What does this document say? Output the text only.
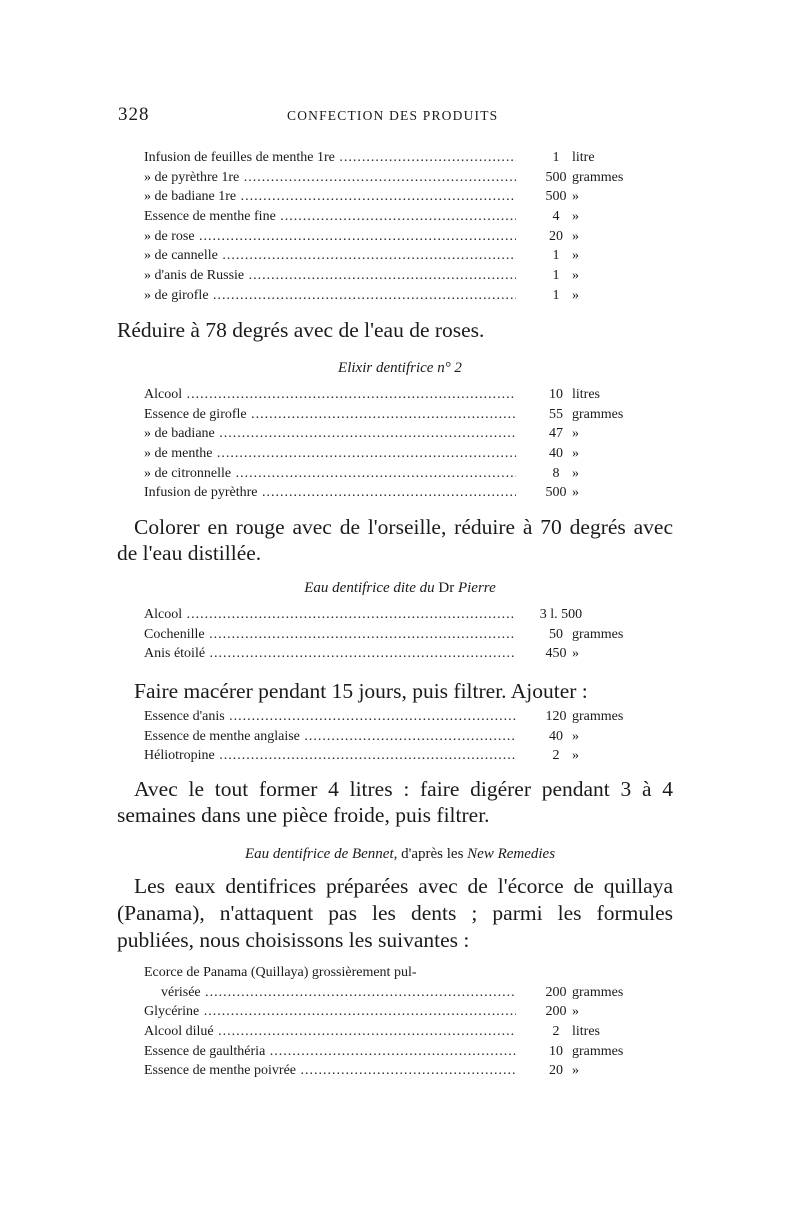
328	CONFECTION DES PRODUITS
Infusion de feuilles de menthe 1re .....	1 litre
» de pyrèthre 1re .....	500 grammes
» de badiane 1re .....	500 »
Essence de menthe fine .....	4 »
» de rose .....	20 »
» de cannelle .....	1 »
» d'anis de Russie .....	1 »
» de girofle .....	1 »
Réduire à 78 degrés avec de l'eau de roses.
Elixir dentifrice n° 2
Alcool .....	10 litres
Essence de girofle .....	55 grammes
» de badiane .....	47 »
» de menthe .....	40 »
» de citronnelle .....	8 »
Infusion de pyrèthre .....	500 »
Colorer en rouge avec de l'orseille, réduire à 70 degrés avec de l'eau distillée.
Eau dentifrice dite du Dr Pierre
Alcool .....	3 l. 500
Cochenille .....	50 grammes
Anis étoilé .....	450 »
Faire macérer pendant 15 jours, puis filtrer. Ajouter :
Essence d'anis .....	120 grammes
Essence de menthe anglaise .....	40 »
Héliotropine .....	2 »
Avec le tout former 4 litres : faire digérer pendant 3 à 4 semaines dans une pièce froide, puis filtrer.
Eau dentifrice de Bennet, d'après les New Remedies
Les eaux dentifrices préparées avec de l'écorce de quillaya (Panama), n'attaquent pas les dents ; parmi les formules publiées, nous choisissons les suivantes :
Ecorce de Panama (Quillaya) grossièrement pul-
vérisée .....	200 grammes
Glycérine .....	200 »
Alcool dilué .....	2 litres
Essence de gaulthéria .....	10 grammes
Essence de menthe poivrée .....	20 »
